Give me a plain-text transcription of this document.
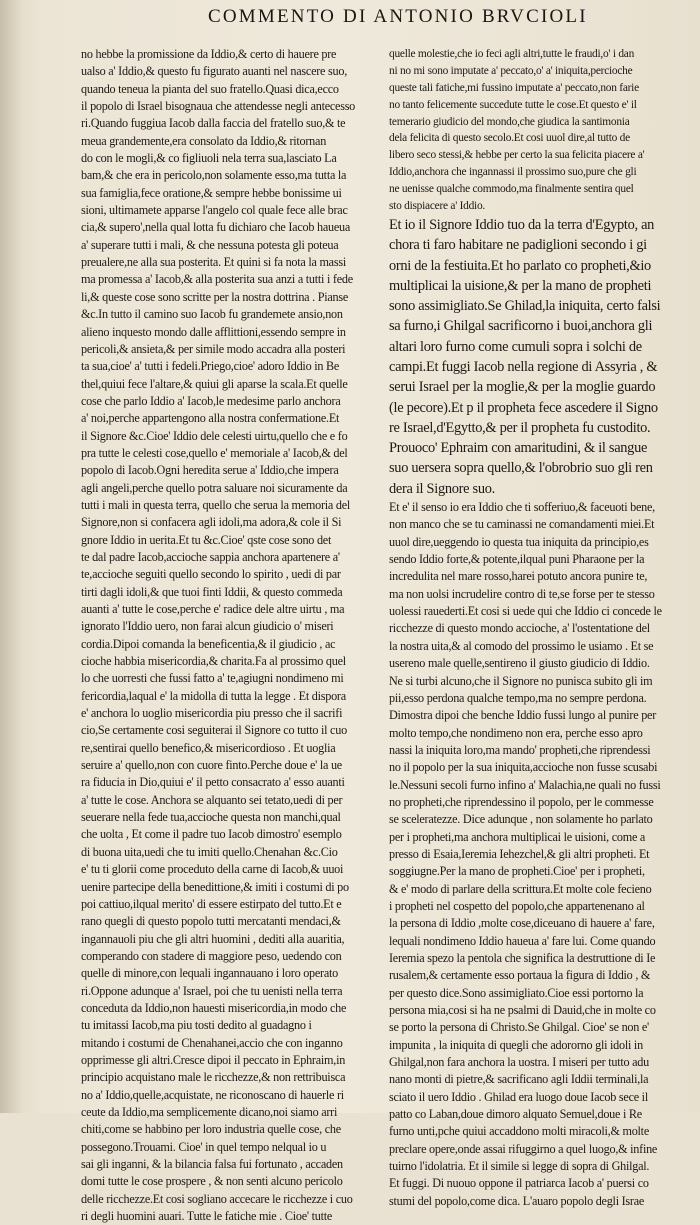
COMMENTO DI ANTONIO BRVCIOLI
no hebbe la promissione da Iddio,& certo di hauere pre
ualso a' Iddio,& questo fu figurato auanti nel nascere suo,
quando teneua la pianta del suo fratello.Quasi dica,ecco
il popolo di Israel bisognaua che attendesse negli antecesso
ri.Quando fuggiua Iacob dalla faccia del fratello suo,& te
meua grandemente,era consolato da Iddio,& ritornan
do con le mogli,& co figliuoli nela terra sua,lasciato La
bam,& che era in pericolo,non solamente esso,ma tutta la
sua famiglia,fece oratione,& sempre hebbe bonissime ui
sioni, ultimamete apparse l'angelo col quale fece alle brac
cia,& supero',nella qual lotta fu dichiaro che Iacob haueua
a' superare tutti i mali, & che nessuna potesta gli poteua
preualere,ne alla sua posterita. Et quini si fa nota la massi
ma promessa a' Iacob,& alla posterita sua anzi a tutti i fede
li,& queste cose sono scritte per la nostra dottrina . Pianse
&c.In tutto il camino suo Iacob fu grandemete ansio,non
alieno inquesto mondo dalle afflittioni,essendo sempre in
pericoli,& ansieta,& per simile modo accadra alla posteri
ta sua,cioe' a' tutti i fedeli.Priego,cioe' adoro Iddio in Be
thel,quiui fece l'altare,& quiui gli aparse la scala.Et quelle
cose che parlo Iddio a' Iacob,le medesime parlo anchora
a' noi,perche appartengono alla nostra confermatione.Et
il Signore &c.Cioe' Iddio dele celesti uirtu,quello che e fo
pra tutte le celesti cose,quello e' memoriale a' Iacob,& del
popolo di Iacob.Ogni heredita serue a' Iddio,che impera
agli angeli,perche quello potra saluare noi sicuramente da
tutti i mali in questa terra, quello che serua la memoria del
Signore,non si confacera agli idoli,ma adora,& cole il Si
gnore Iddio in uerita.Et tu &c.Cioe' qste cose sono det
te dal padre Iacob,accioche sappia anchora apartenere a'
te,accioche seguiti quello secondo lo spirito , uedi di par
tirti dagli idoli,& que tuoi finti Iddii, & questo commeda
auanti a' tutte le cose,perche e' radice dele altre uirtu , ma
ignorato l'Iddio uero, non farai alcun giudicio o' miseri
cordia.Dipoi comanda la beneficentia,& il giudicio , ac
cioche habbia misericordia,& charita.Fa al prossimo quel
lo che uorresti che fussi fatto a' te,agiugni nondimeno mi
fericordia,laqual e' la midolla di tutta la legge . Et dispora
e' anchora lo uoglio misericordia piu presso che il sacrifi
cio,Se certamente cosi seguiterai il Signore co tutto il cuo
re,sentirai quello benefico,& misericordioso . Et uoglia
seruire a' quello,non con cuore finto.Perche doue e' la ue
ra fiducia in Dio,quiui e' il petto consacrato a' esso auanti
a' tutte le cose. Anchora se alquanto sei tetato,uedi di per
seuerare nella fede tua,accioche questa non manchi,qual
che uolta , Et come il padre tuo Iacob dimostro' esemplo
di buona uita,uedi che tu imiti quello.Chenahan &c.Cio
e' tu ti glorii come proceduto della carne di Iacob,& uuoi
uenire partecipe della benedittione,& imiti i costumi di po
poi cattiuo,ilqual merito' di essere estirpato del tutto.Et e
rano quegli di questo popolo tutti mercatanti mendaci,&
ingannauoli piu che gli altri huomini , dediti alla auaritia,
comperando con stadere di maggiore peso, uedendo con
quelle di minore,con lequali ingannauano i loro operato
ri.Oppone adunque a' Israel, poi che tu uenisti nella terra
conceduta da Iddio,non hauesti misericordia,in modo che
tu imitassi Iacob,ma piu tosti dedito al guadagno i
mitando i costumi de Chenahanei,accio che con inganno
opprimesse gli altri.Cresce dipoi il peccato in Ephraim,in
principio acquistano male le ricchezze,& non rettribuisca
no a' Iddio,quelle,acquistate, ne riconoscano di hauerle ri
ceute da Iddio,ma semplicemente dicano,noi siamo arri
chiti,come se habbino per loro industria quelle cose, che
possegono.Trouami. Cioe' in quel tempo nelqual io u
sai gli inganni, & la bilancia falsa fui fortunato , accaden
domi tutte le cose prospere , & non senti alcuno pericolo
delle ricchezze.Et cosi sogliano accecare le ricchezze i cuo
ri degli huomini auari. Tutte le fatiche mie . Cioe' tutte
quelle molestie,che io feci agli altri,tutte le fraudi,o' i dan
ni no mi sono imputate a' peccato,o' a' iniquita,percioche
queste tali fatiche,mi fussino imputate a' peccato,non farie
no tanto felicemente succedute tutte le cose.Et questo e' il
temerario giudicio del mondo,che giudica la santimonia
dela felicita di questo secolo.Et cosi uuol dire,al tutto de
libero seco stessi,& hebbe per certo la sua felicita piacere a'
Iddio,anchora che ingannassi il prossimo suo,pure che gli
ne uenisse qualche commodo,ma finalmente sentira quel
sto dispiacere a' Iddio.
Et io il Signore Iddio tuo da la terra d'Egypto, an
chora ti faro habitare ne padiglioni secondo i gi
orni de la festiuita.Et ho parlato co propheti,&io
multiplicai la uisione,& per la mano de propheti
sono assimigliato.Se Ghilad,la iniquita, certo falsi
sa furno,i Ghilgal sacrificorno i buoi,anchora gli
altari loro furno come cumuli sopra i solchi de
campi.Et fuggi Iacob nella regione di Assyria , &
serui Israel per la moglie,& per la moglie guardo
(le pecore).Et p il propheta fece ascedere il Signo
re Israel,d'Egytto,& per il propheta fu custodito.
Prouoco' Ephraim con amaritudini, & il sangue
suo uersera sopra quello,& l'obrobrio suo gli ren
dera il Signore suo.
Et e' il senso io era Iddio che ti sofferiuo,& faceuoti bene,
non manco che se tu caminassi ne comandamenti miei.Et
uuol dire,ueggendo io questa tua iniquita da principio,es
sendo Iddio forte,& potente,ilqual puni Pharaone per la
incredulita nel mare rosso,harei potuto ancora punire te,
ma non uolsi incrudelire contro di te,se forse per te stesso
uolessi rauederti.Et cosi si uede qui che Iddio ci concede le
ricchezze di questo mondo accioche, a' l'ostentatione del
la nostra uita,& al comodo del prossimo le usiamo . Et se
usereno male quelle,sentireno il giusto giudicio di Iddio.
Ne si turbi alcuno,che il Signore no punisca subito gli im
pii,esso perdona qualche tempo,ma no sempre perdona.
Dimostra dipoi che benche Iddio fussi lungo al punire per
molto tempo,che nondimeno non era, perche esso apro
nassi la iniquita loro,ma mando' propheti,che riprendessi
no il popolo per la sua iniquita,accioche non fusse scusabi
le.Nessuni secoli furno infino a' Malachia,ne quali no fussi
no propheti,che riprendessino il popolo, per le commesse
se sceleratezze. Dice adunque , non solamente ho parlato
per i propheti,ma anchora multiplicai le uisioni, come a
presso di Esaia,Ieremia Iehezchel,& gli altri propheti. Et
soggiugne.Per la mano de propheti.Cioe' per i propheti,
& e' modo di parlare della scrittura.Et molte cole fecieno
i propheti nel cospetto del popolo,che appartenenano al
la persona di Iddio ,molte cose,diceuano di hauere a' fare,
lequali nondimeno Iddio haueua a' fare lui. Come quando
Ieremia spezo la pentola che significa la destruttione di Ie
rusalem,& certamente esso portaua la figura di Iddio , &
per questo dice.Sono assimigliato.Cioe essi portorno la
persona mia,cosi si ha ne psalmi di Dauid,che in molte co
se porto la persona di Christo.Se Ghilgal. Cioe' se non e'
impunita , la iniquita di quegli che adororno gli idoli in
Ghilgal,non fara anchora la uostra. I miseri per tutto adu
nano monti di pietre,& sacrificano agli Iddii terminali,la
sciato il uero Iddio . Ghilad era luogo doue Iacob sece il
patto co Laban,doue dimoro alquato Semuel,doue i Re
furno unti,pche quiui accaddono molti miracoli,& molte
preclare opere,onde assai rifuggirno a quel luogo,& infine
tuirno l'idolatria. Et il simile si legge di sopra di Ghilgal.
Et fuggi. Di nuouo oppone il patriarca Iacob a' puersi co
stumi del popolo,come dica. L'auaro popolo degli Israe
